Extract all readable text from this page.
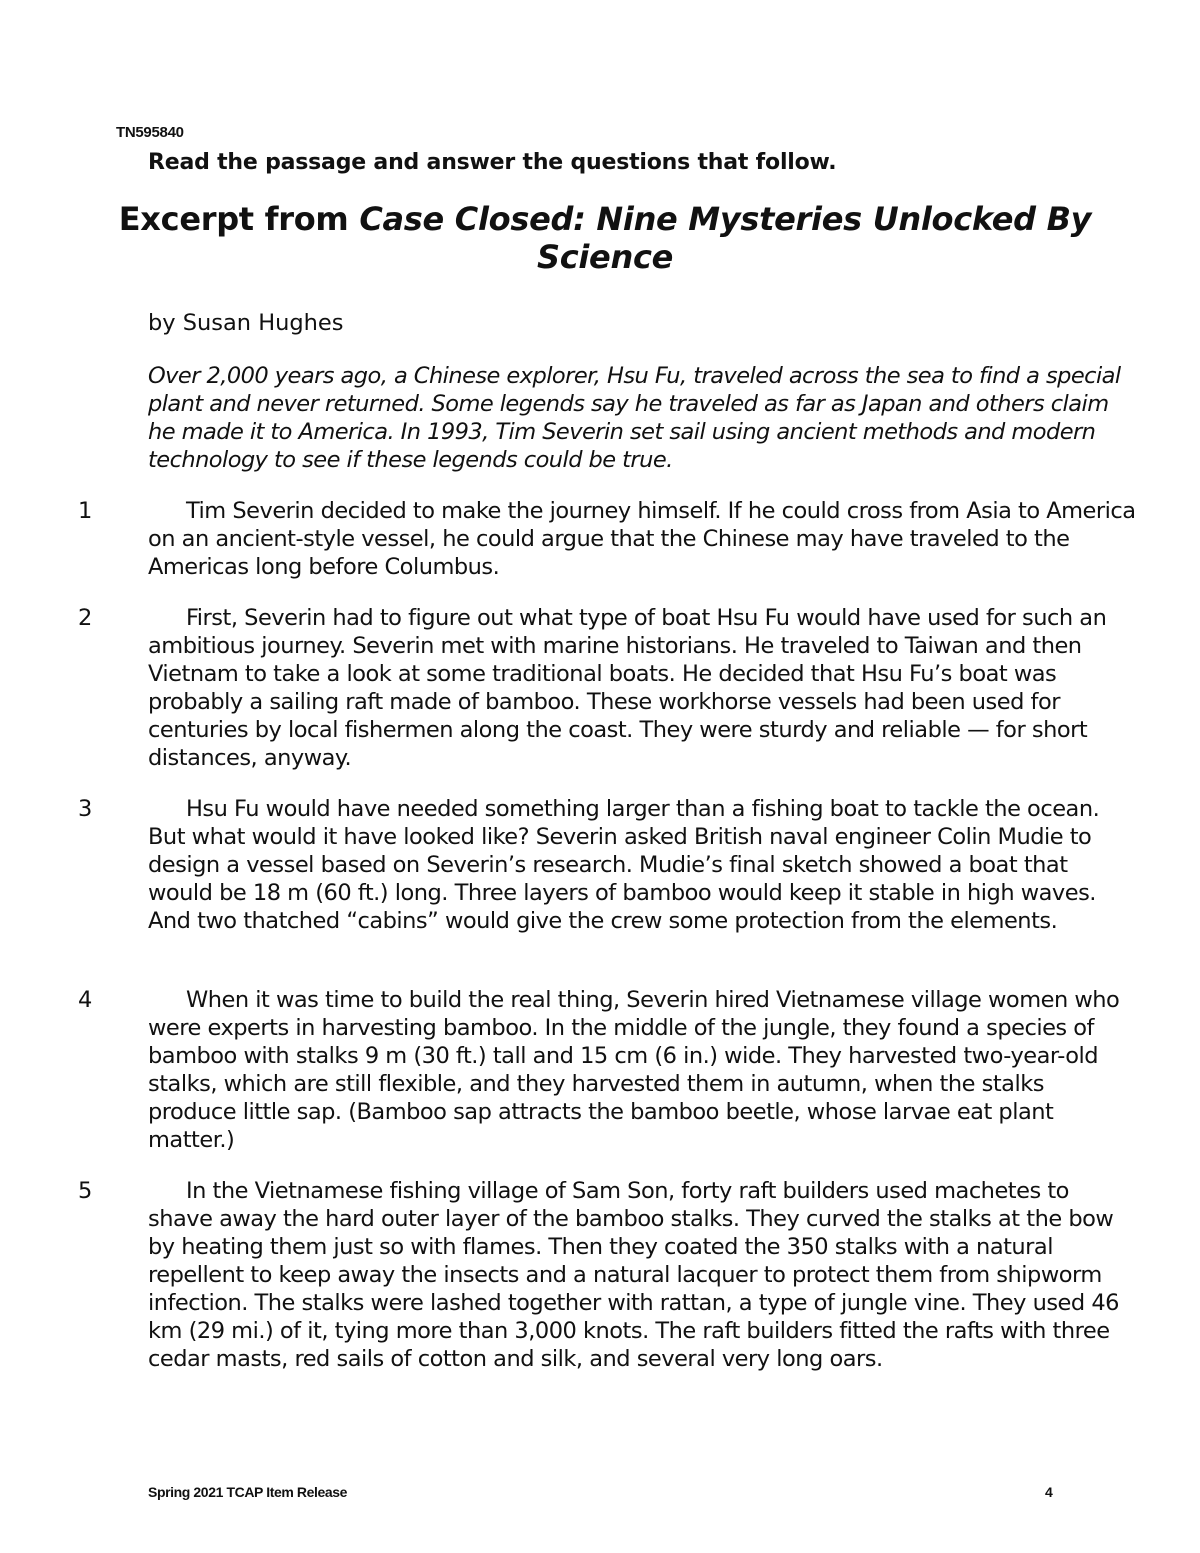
TN595840
Read the passage and answer the questions that follow.
Excerpt from Case Closed: Nine Mysteries Unlocked By Science
by Susan Hughes

Over 2,000 years ago, a Chinese explorer, Hsu Fu, traveled across the sea to find a special plant and never returned. Some legends say he traveled as far as Japan and others claim he made it to America. In 1993, Tim Severin set sail using ancient methods and modern technology to see if these legends could be true.

1	Tim Severin decided to make the journey himself. If he could cross from Asia to America on an ancient-style vessel, he could argue that the Chinese may have traveled to the Americas long before Columbus.

2	First, Severin had to figure out what type of boat Hsu Fu would have used for such an ambitious journey. Severin met with marine historians. He traveled to Taiwan and then Vietnam to take a look at some traditional boats. He decided that Hsu Fu’s boat was probably a sailing raft made of bamboo. These workhorse vessels had been used for centuries by local fishermen along the coast. They were sturdy and reliable — for short distances, anyway.

3	Hsu Fu would have needed something larger than a fishing boat to tackle the ocean. But what would it have looked like? Severin asked British naval engineer Colin Mudie to design a vessel based on Severin’s research. Mudie’s final sketch showed a boat that would be 18 m (60 ft.) long. Three layers of bamboo would keep it stable in high waves. And two thatched “cabins” would give the crew some protection from the elements.

4	When it was time to build the real thing, Severin hired Vietnamese village women who were experts in harvesting bamboo. In the middle of the jungle, they found a species of bamboo with stalks 9 m (30 ft.) tall and 15 cm (6 in.) wide. They harvested two-year-old stalks, which are still flexible, and they harvested them in autumn, when the stalks produce little sap. (Bamboo sap attracts the bamboo beetle, whose larvae eat plant matter.)

5	In the Vietnamese fishing village of Sam Son, forty raft builders used machetes to shave away the hard outer layer of the bamboo stalks. They curved the stalks at the bow by heating them just so with flames. Then they coated the 350 stalks with a natural repellent to keep away the insects and a natural lacquer to protect them from shipworm infection. The stalks were lashed together with rattan, a type of jungle vine. They used 46 km (29 mi.) of it, tying more than 3,000 knots. The raft builders fitted the rafts with three cedar masts, red sails of cotton and silk, and several very long oars.

Spring 2021 TCAP Item Release	4
